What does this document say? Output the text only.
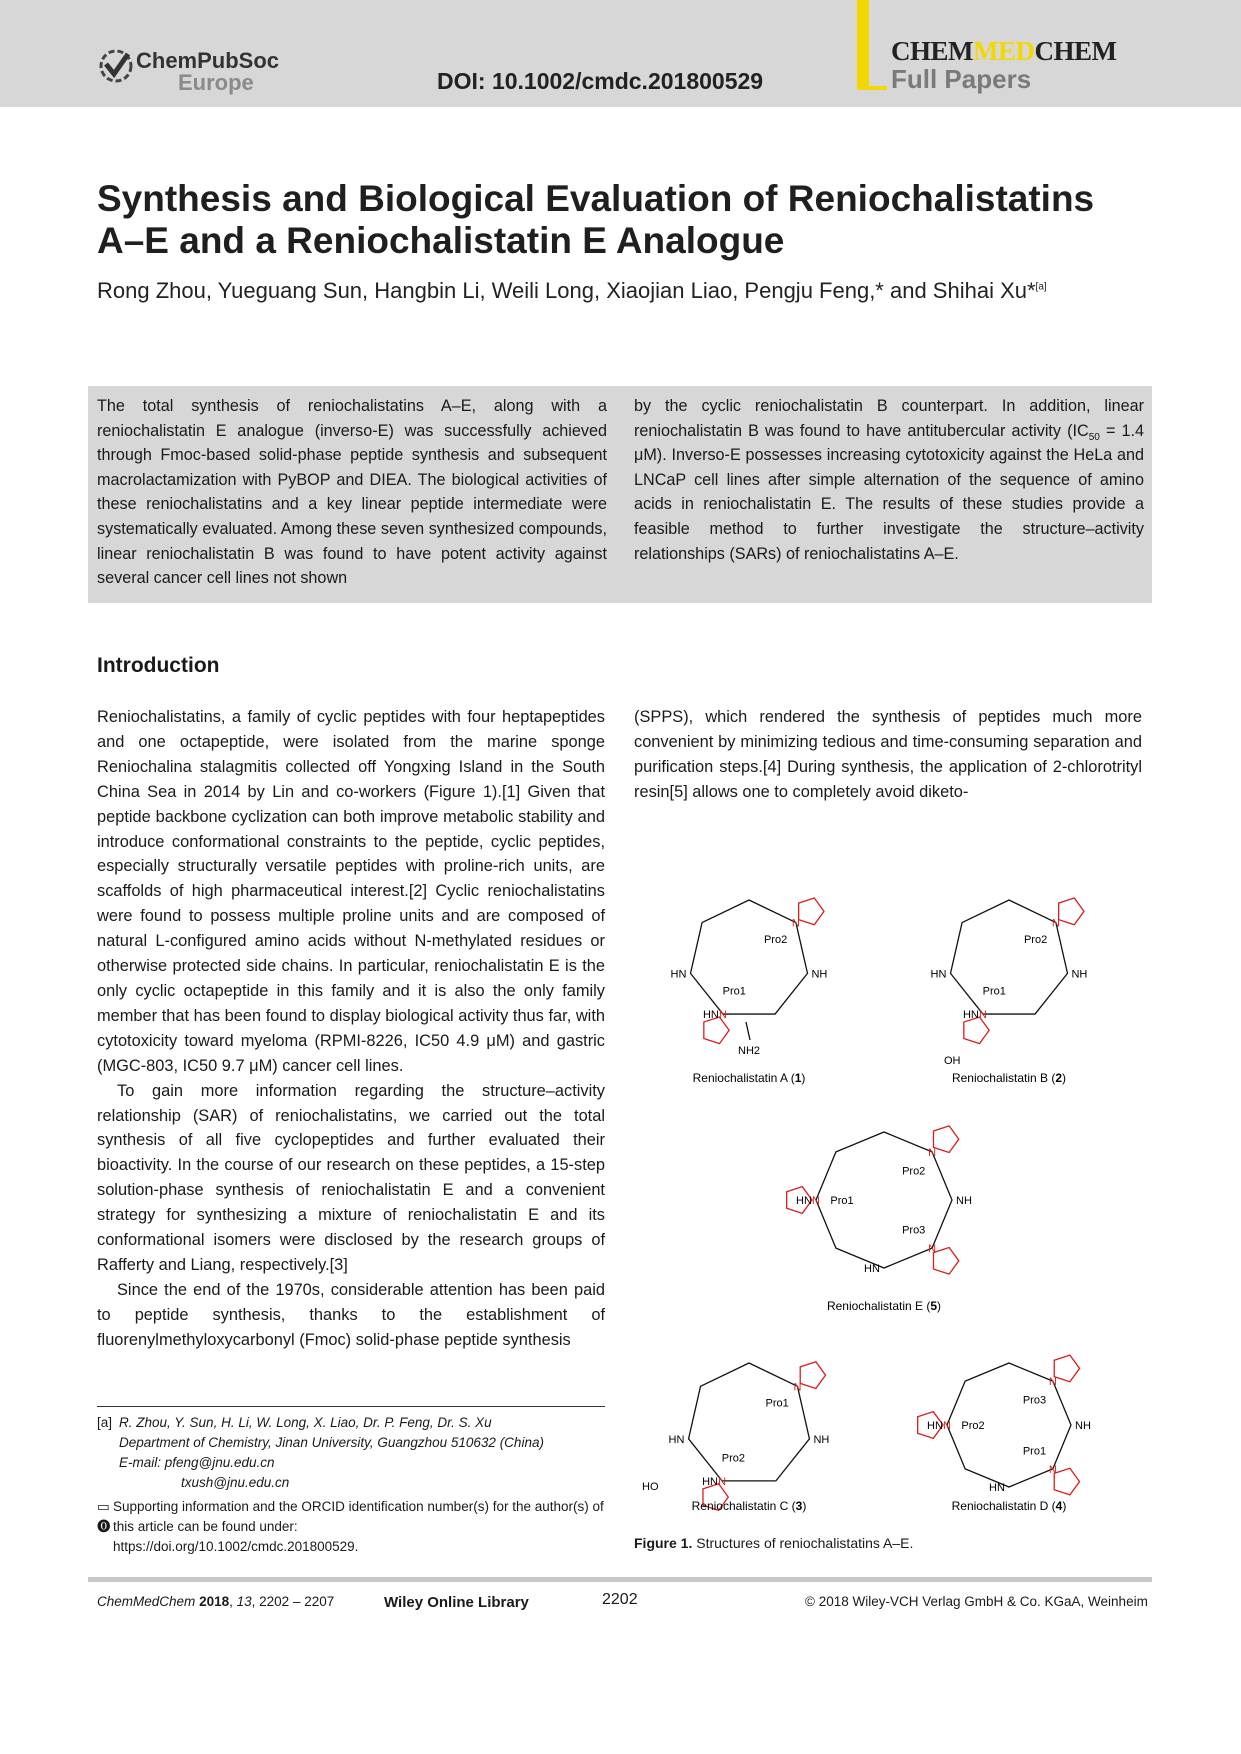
ChemPubSoc
Europe	DOI: 10.1002/cmdc.201800529
CHEMMEDCHEM
Full Papers
Synthesis and Biological Evaluation of Reniochalistatins A–E and a Reniochalistatin E Analogue
Rong Zhou, Yueguang Sun, Hangbin Li, Weili Long, Xiaojian Liao, Pengju Feng,* and Shihai Xu*[a]
The total synthesis of reniochalistatins A–E, along with a reniochalistatin E analogue (inverso-E) was successfully achieved through Fmoc-based solid-phase peptide synthesis and subsequent macrolactamization with PyBOP and DIEA. The biological activities of these reniochalistatins and a key linear peptide intermediate were systematically evaluated. Among these seven synthesized compounds, linear reniochalistatin B was found to have potent activity against several cancer cell lines not shown
by the cyclic reniochalistatin B counterpart. In addition, linear reniochalistatin B was found to have antitubercular activity ($IC_{50} = 1.4$ μM). Inverso-E possesses increasing cytotoxicity against the HeLa and LNCaP cell lines after simple alternation of the sequence of amino acids in reniochalistatin E. The results of these studies provide a feasible method to further investigate the structure–activity relationships (SARs) of reniochalistatins A–E.
Introduction

Reniochalistatins, a family of cyclic peptides with four heptapeptides and one octapeptide, were isolated from the marine sponge Reniochalina stalagmitis collected off Yongxing Island in the South China Sea in 2014 by Lin and co-workers (Figure 1).[1] Given that peptide backbone cyclization can both improve metabolic stability and introduce conformational constraints to the peptide, cyclic peptides, especially structurally versatile peptides with proline-rich units, are scaffolds of high pharmaceutical interest.[2] Cyclic reniochalistatins were found to possess multiple proline units and are composed of natural L-configured amino acids without N-methylated residues or otherwise protected side chains. In particular, reniochalistatin E is the only cyclic octapeptide in this family and it is also the only family member that has been found to display biological activity thus far, with cytotoxicity toward myeloma (RPMI-8226, IC50 4.9 μM) and gastric (MGC-803, IC50 9.7 μM) cancer cell lines.

To gain more information regarding the structure–activity relationship (SAR) of reniochalistatins, we carried out the total synthesis of all five cyclopeptides and further evaluated their bioactivity. In the course of our research on these peptides, a 15-step solution-phase synthesis of reniochalistatin E and a convenient strategy for synthesizing a mixture of reniochalistatin E and its conformational isomers were disclosed by the research groups of Rafferty and Liang, respectively.[3]

Since the end of the 1970s, considerable attention has been paid to peptide synthesis, thanks to the establishment of fluorenylmethyloxycarbonyl (Fmoc) solid-phase peptide synthesis

(SPPS), which rendered the synthesis of peptides much more convenient by minimizing tedious and time-consuming separation and purification steps.[4] During synthesis, the application of 2-chlorotrityl resin[5] allows one to completely avoid diketo-

NH2
OH
HO
N
Pro2
N
Pro1
NH
HN
HN
Reniochalistatin A (1)
N
Pro2
N
Pro1
NH
HN
HN
Reniochalistatin B (2)
N
Pro2
N
Pro3
N Pro1	NH
HN
HN
Reniochalistatin E (5)
N
Pro1
N
Pro2
NH
HN
HN
Reniochalistatin C (3)
N
Pro3
N
Pro1
N Pro2	NH
HN
HN
Reniochalistatin D (4)
Figure 1. Structures of reniochalistatins A–E.
[a] R. Zhou, Y. Sun, H. Li, W. Long, X. Liao, Dr. P. Feng, Dr. S. Xu
Department of Chemistry, Jinan University, Guangzhou 510632 (China)
E-mail: pfeng@jnu.edu.cn
txush@jnu.edu.cn
▭
⓿
Supporting information and the ORCID identification number(s) for the author(s) of this article can be found under:
https://doi.org/10.1002/cmdc.201800529.
ChemMedChem 2018, 13, 2202 – 2207	Wiley Online Library	2202	© 2018 Wiley-VCH Verlag GmbH & Co. KGaA, Weinheim
